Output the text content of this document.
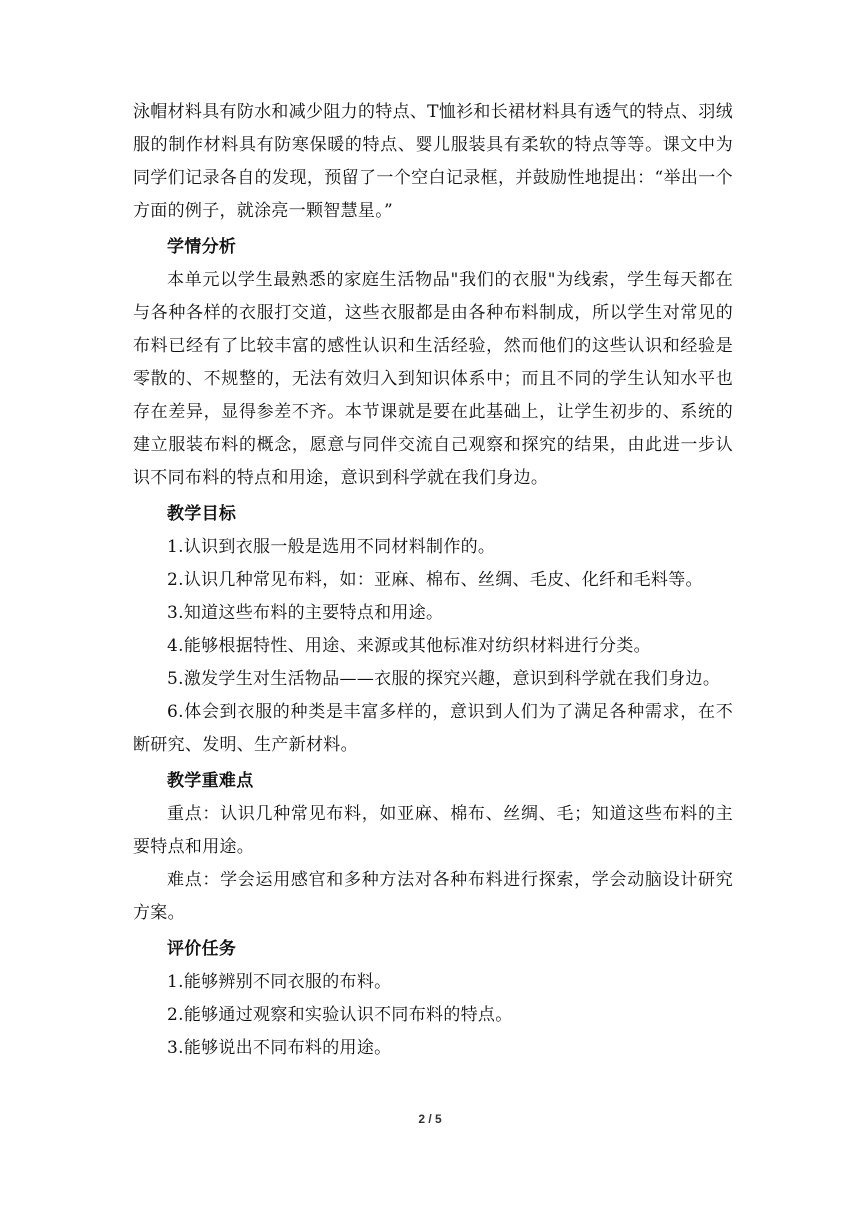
泳帽材料具有防水和减少阻力的特点、T恤衫和长裙材料具有透气的特点、羽绒服的制作材料具有防寒保暖的特点、婴儿服装具有柔软的特点等等。课文中为同学们记录各自的发现，预留了一个空白记录框，并鼓励性地提出：“举出一个方面的例子，就涂亮一颗智慧星。”

学情分析

本单元以学生最熟悉的家庭生活物品"我们的衣服"为线索，学生每天都在与各种各样的衣服打交道，这些衣服都是由各种布料制成，所以学生对常见的布料已经有了比较丰富的感性认识和生活经验，然而他们的这些认识和经验是零散的、不规整的，无法有效归入到知识体系中；而且不同的学生认知水平也存在差异，显得参差不齐。本节课就是要在此基础上，让学生初步的、系统的建立服装布料的概念，愿意与同伴交流自己观察和探究的结果，由此进一步认识不同布料的特点和用途，意识到科学就在我们身边。

教学目标

1.认识到衣服一般是选用不同材料制作的。

2.认识几种常见布料，如：亚麻、棉布、丝绸、毛皮、化纤和毛料等。

3.知道这些布料的主要特点和用途。

4.能够根据特性、用途、来源或其他标准对纺织材料进行分类。

5.激发学生对生活物品——衣服的探究兴趣，意识到科学就在我们身边。

6.体会到衣服的种类是丰富多样的，意识到人们为了满足各种需求，在不断研究、发明、生产新材料。

教学重难点

重点：认识几种常见布料，如亚麻、棉布、丝绸、毛；知道这些布料的主要特点和用途。

难点：学会运用感官和多种方法对各种布料进行探索，学会动脑设计研究方案。

评价任务

1.能够辨别不同衣服的布料。

2.能够通过观察和实验认识不同布料的特点。

3.能够说出不同布料的用途。

2 / 5
